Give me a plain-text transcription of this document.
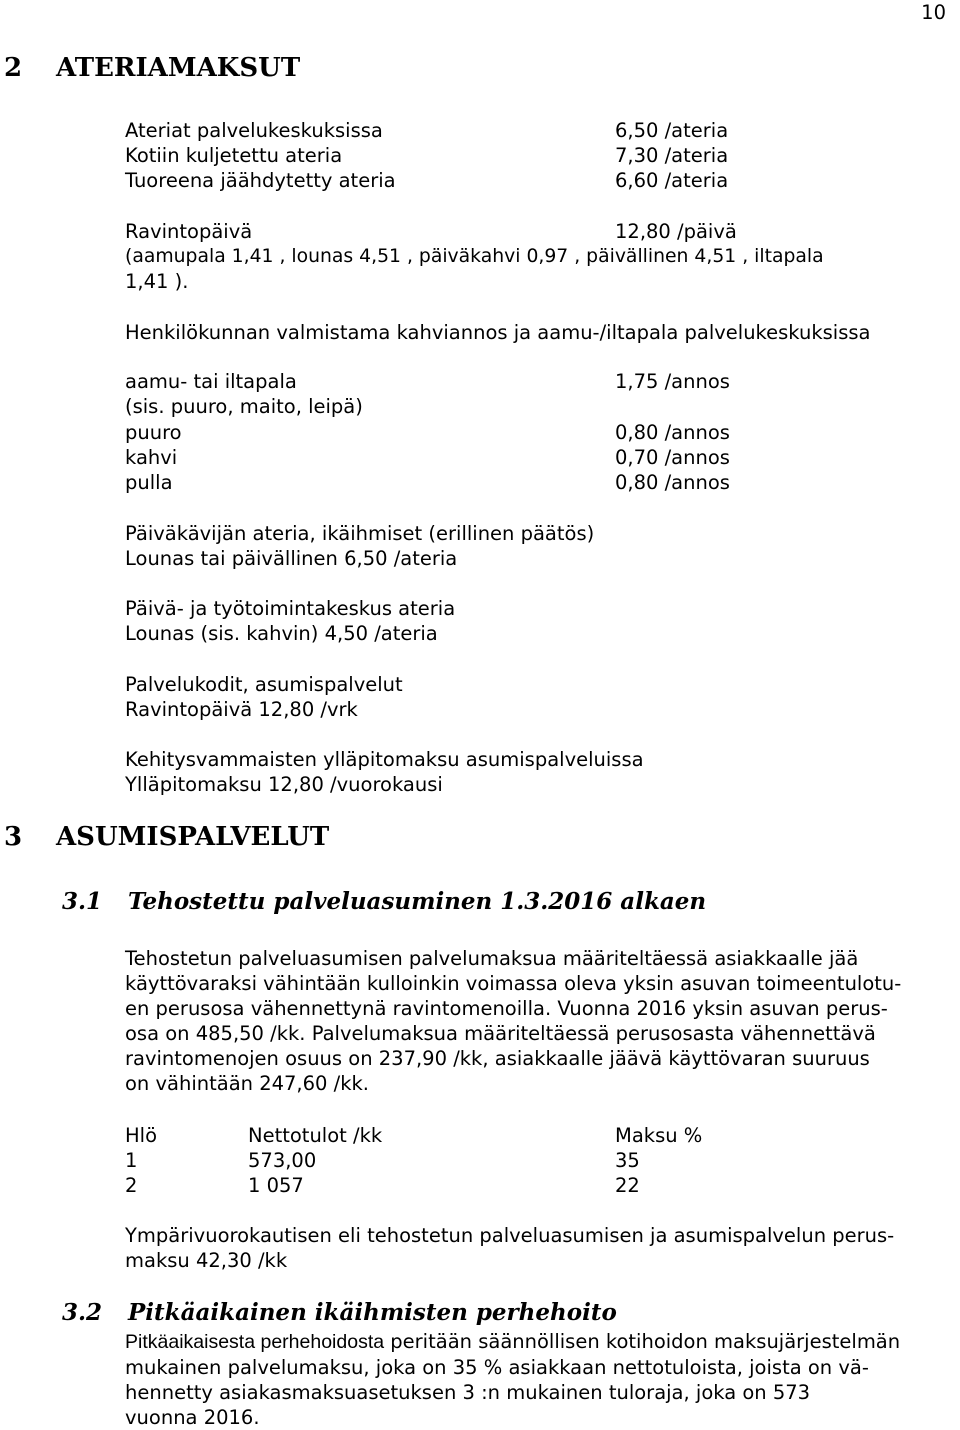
10
2 ATERIAMAKSUT
Ateriat palvelukeskuksissa	6,50 /ateria
Kotiin kuljetettu ateria	7,30 /ateria
Tuoreena jäähdytetty ateria	6,60 /ateria
Ravintopäivä	12,80 /päivä
(aamupala 1,41 , lounas 4,51 , päiväkahvi 0,97 , päivällinen 4,51 , iltapala
1,41 ).
Henkilökunnan valmistama kahviannos ja aamu-/iltapala palvelukeskuksissa
aamu- tai iltapala	1,75 /annos
(sis. puuro, maito, leipä)
puuro	0,80 /annos
kahvi	0,70 /annos
pulla	0,80 /annos
Päiväkävijän ateria, ikäihmiset (erillinen päätös)
Lounas tai päivällinen 6,50 /ateria
Päivä- ja työtoimintakeskus ateria
Lounas (sis. kahvin) 4,50 /ateria
Palvelukodit, asumispalvelut
Ravintopäivä 12,80 /vrk
Kehitysvammaisten ylläpitomaksu asumispalveluissa
Ylläpitomaksu 12,80 /vuorokausi
3 ASUMISPALVELUT
3.1 Tehostettu palveluasuminen 1.3.2016 alkaen
Tehostetun palveluasumisen palvelumaksua määriteltäessä asiakkaalle jää
käyttövaraksi vähintään kulloinkin voimassa oleva yksin asuvan toimeentulotu-
en perusosa vähennettynä ravintomenoilla. Vuonna 2016 yksin asuvan perus-
osa on 485,50 /kk. Palvelumaksua määriteltäessä perusosasta vähennettävä
ravintomenojen osuus on 237,90 /kk, asiakkaalle jäävä käyttövaran suuruus
on vähintään 247,60 /kk.
Hlö	Nettotulot /kk	Maksu %
1	573,00	35
2	1 057	22
Ympärivuorokautisen eli tehostetun palveluasumisen ja asumispalvelun perus-
maksu 42,30 /kk
3.2 Pitkäaikainen ikäihmisten perhehoito
Pitkäaikaisesta perhehoidosta peritään säännöllisen kotihoidon maksujärjestelmän
mukainen palvelumaksu, joka on 35 % asiakkaan nettotuloista, joista on vä-
hennetty asiakasmaksuasetuksen 3 :n mukainen tuloraja, joka on 573
vuonna 2016.
